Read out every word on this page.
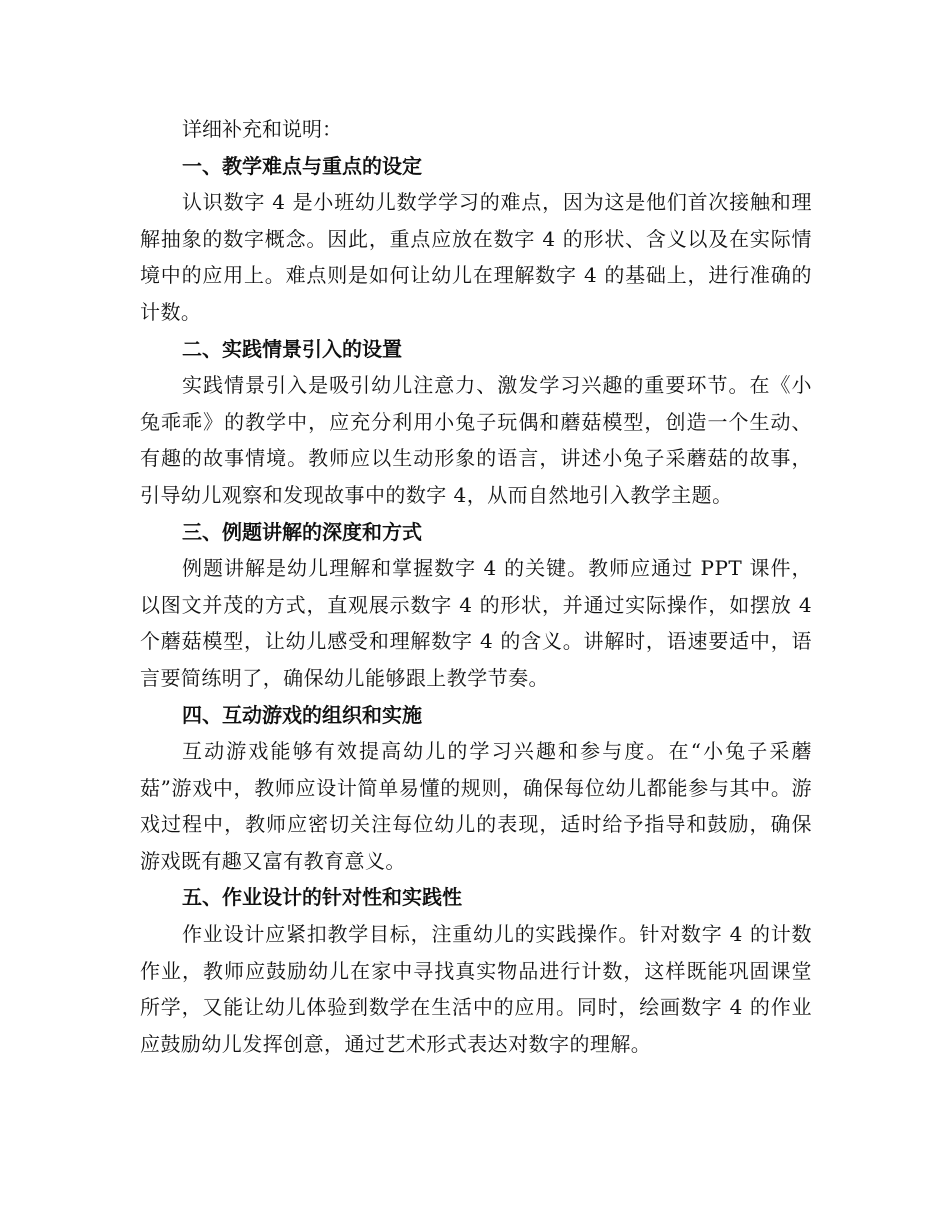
详细补充和说明：

一、教学难点与重点的设定

认识数字 4 是小班幼儿数学学习的难点，因为这是他们首次接触和理解抽象的数字概念。因此，重点应放在数字 4 的形状、含义以及在实际情境中的应用上。难点则是如何让幼儿在理解数字 4 的基础上，进行准确的计数。

二、实践情景引入的设置

实践情景引入是吸引幼儿注意力、激发学习兴趣的重要环节。在《小兔乖乖》的教学中，应充分利用小兔子玩偶和蘑菇模型，创造一个生动、有趣的故事情境。教师应以生动形象的语言，讲述小兔子采蘑菇的故事，引导幼儿观察和发现故事中的数字 4，从而自然地引入教学主题。

三、例题讲解的深度和方式

例题讲解是幼儿理解和掌握数字 4 的关键。教师应通过 PPT 课件，以图文并茂的方式，直观展示数字 4 的形状，并通过实际操作，如摆放 4 个蘑菇模型，让幼儿感受和理解数字 4 的含义。讲解时，语速要适中，语言要简练明了，确保幼儿能够跟上教学节奏。

四、互动游戏的组织和实施

互动游戏能够有效提高幼儿的学习兴趣和参与度。在“小兔子采蘑菇”游戏中，教师应设计简单易懂的规则，确保每位幼儿都能参与其中。游戏过程中，教师应密切关注每位幼儿的表现，适时给予指导和鼓励，确保游戏既有趣又富有教育意义。

五、作业设计的针对性和实践性

作业设计应紧扣教学目标，注重幼儿的实践操作。针对数字 4 的计数作业，教师应鼓励幼儿在家中寻找真实物品进行计数，这样既能巩固课堂所学，又能让幼儿体验到数学在生活中的应用。同时，绘画数字 4 的作业应鼓励幼儿发挥创意，通过艺术形式表达对数字的理解。
